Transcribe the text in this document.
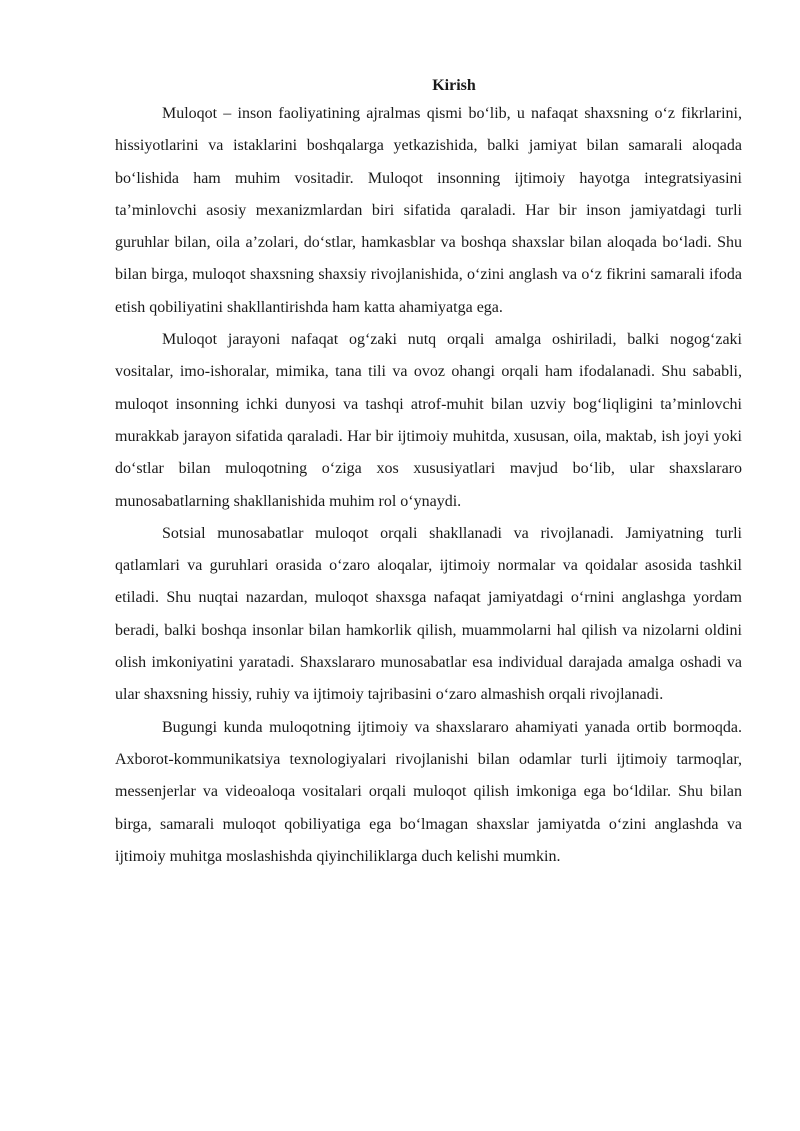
Kirish

Muloqot – inson faoliyatining ajralmas qismi bo‘lib, u nafaqat shaxsning o‘z fikrlarini, hissiyotlarini va istaklarini boshqalarga yetkazishida, balki jamiyat bilan samarali aloqada bo‘lishida ham muhim vositadir. Muloqot insonning ijtimoiy hayotga integratsiyasini ta’minlovchi asosiy mexanizmlardan biri sifatida qaraladi. Har bir inson jamiyatdagi turli guruhlar bilan, oila a’zolari, do‘stlar, hamkasblar va boshqa shaxslar bilan aloqada bo‘ladi. Shu bilan birga, muloqot shaxsning shaxsiy rivojlanishida, o‘zini anglash va o‘z fikrini samarali ifoda etish qobiliyatini shakllantirishda ham katta ahamiyatga ega.

Muloqot jarayoni nafaqat og‘zaki nutq orqali amalga oshiriladi, balki nogog‘zaki vositalar, imo-ishoralar, mimika, tana tili va ovoz ohangi orqali ham ifodalanadi. Shu sababli, muloqot insonning ichki dunyosi va tashqi atrof-muhit bilan uzviy bog‘liqligini ta’minlovchi murakkab jarayon sifatida qaraladi. Har bir ijtimoiy muhitda, xususan, oila, maktab, ish joyi yoki do‘stlar bilan muloqotning o‘ziga xos xususiyatlari mavjud bo‘lib, ular shaxslararo munosabatlarning shakllanishida muhim rol o‘ynaydi.

Sotsial munosabatlar muloqot orqali shakllanadi va rivojlanadi. Jamiyatning turli qatlamlari va guruhlari orasida o‘zaro aloqalar, ijtimoiy normalar va qoidalar asosida tashkil etiladi. Shu nuqtai nazardan, muloqot shaxsga nafaqat jamiyatdagi o‘rnini anglashga yordam beradi, balki boshqa insonlar bilan hamkorlik qilish, muammolarni hal qilish va nizolarni oldini olish imkoniyatini yaratadi. Shaxslararo munosabatlar esa individual darajada amalga oshadi va ular shaxsning hissiy, ruhiy va ijtimoiy tajribasini o‘zaro almashish orqali rivojlanadi.

Bugungi kunda muloqotning ijtimoiy va shaxslararo ahamiyati yanada ortib bormoqda. Axborot-kommunikatsiya texnologiyalari rivojlanishi bilan odamlar turli ijtimoiy tarmoqlar, messenjerlar va videoaloqa vositalari orqali muloqot qilish imkoniga ega bo‘ldilar. Shu bilan birga, samarali muloqot qobiliyatiga ega bo‘lmagan shaxslar jamiyatda o‘zini anglashda va ijtimoiy muhitga moslashishda qiyinchiliklarga duch kelishi mumkin.
